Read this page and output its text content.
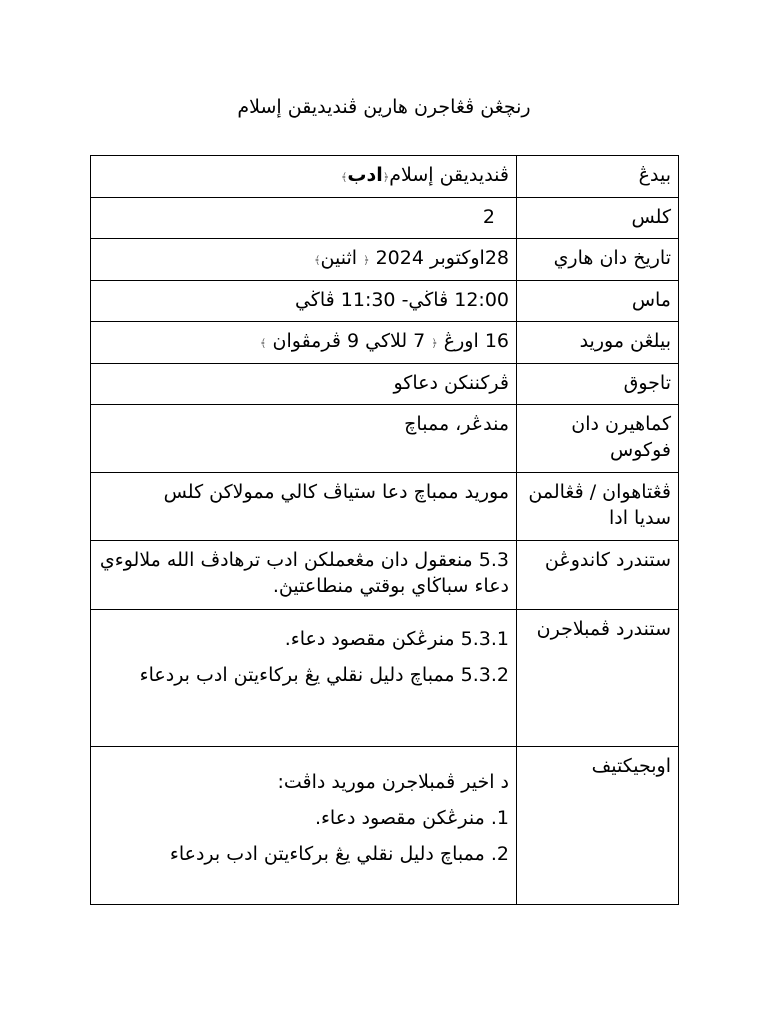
رنچڠن ڤڠاجرن هارين ڤنديديقن إسلام
بيدڠ	ڤنديديقن إسلام﴿ادب﴾
كلس	2
تاريخ دان هاري	28اوكتوبر 2024 ﴿ اثنين﴾
ماس	12:00 ڤاڬي- 11:30 ڤاڬي
بيلڠن موريد	16 اورڠ ﴿ 7 للاكي 9 ڤرمڤوان ﴾
تاجوق	ڤركننكن دعاكو
كماهيرن دان فوكوس	مندڠر، ممباچ
ڤڠتاهوان / ڤڠالمن سديا ادا	موريد ممباچ دعا ستياڤ كالي ممولاكن كلس
ستندرد كاندوڠن	5.3 منعقول دان مڠعملكن ادب ترهادڤ الله ملالوءي دعاء سباڬاي بوقتي منطاعتيڽ.
ستندرد ڤمبلاجرن	5.3.1 منرڠكن مقصود دعاء.

5.3.2 ممباچ دليل نقلي يڠ بركاءيتن ادب بردعاء

اوبجيكتيف	د اخير ڤمبلاجرن موريد داڤت:

1. منرڠكن مقصود دعاء.

2. ممباچ دليل نقلي يڠ بركاءيتن ادب بردعاء
